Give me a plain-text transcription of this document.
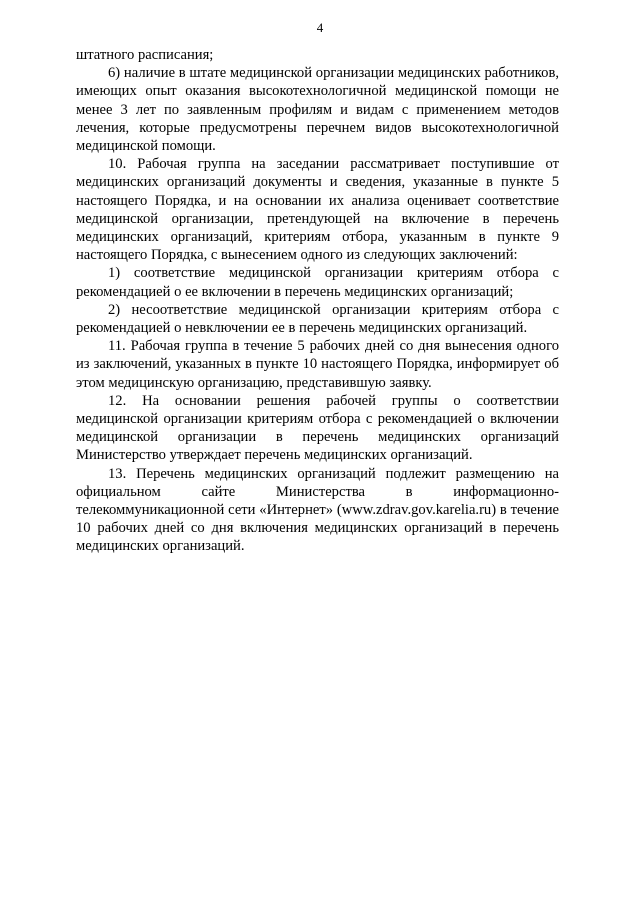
4

штатного расписания;

6) наличие в штате медицинской организации медицинских работников, имеющих опыт оказания высокотехнологичной медицинской помощи не менее 3 лет по заявленным профилям и видам с применением методов лечения, которые предусмотрены перечнем видов высокотехнологичной медицинской помощи.

10. Рабочая группа на заседании рассматривает поступившие от медицинских организаций документы и сведения, указанные в пункте 5 настоящего Порядка, и на основании их анализа оценивает соответствие медицинской организации, претендующей на включение в перечень медицинских организаций, критериям отбора, указанным в пункте 9 настоящего Порядка, с вынесением одного из следующих заключений:

1) соответствие медицинской организации критериям отбора с рекомендацией о ее включении в перечень медицинских организаций;

2) несоответствие медицинской организации критериям отбора с рекомендацией о невключении ее в перечень медицинских организаций.

11. Рабочая группа в течение 5 рабочих дней со дня вынесения одного из заключений, указанных в пункте 10 настоящего Порядка, информирует об этом медицинскую организацию, представившую заявку.

12. На основании решения рабочей группы о соответствии медицинской организации критериям отбора с рекомендацией о включении медицинской организации в перечень медицинских организаций Министерство утверждает перечень медицинских организаций.

13. Перечень медицинских организаций подлежит размещению на официальном сайте Министерства в информационно-телекоммуникационной сети «Интернет» (www.zdrav.gov.karelia.ru) в течение 10 рабочих дней со дня включения медицинских организаций в перечень медицинских организаций.
